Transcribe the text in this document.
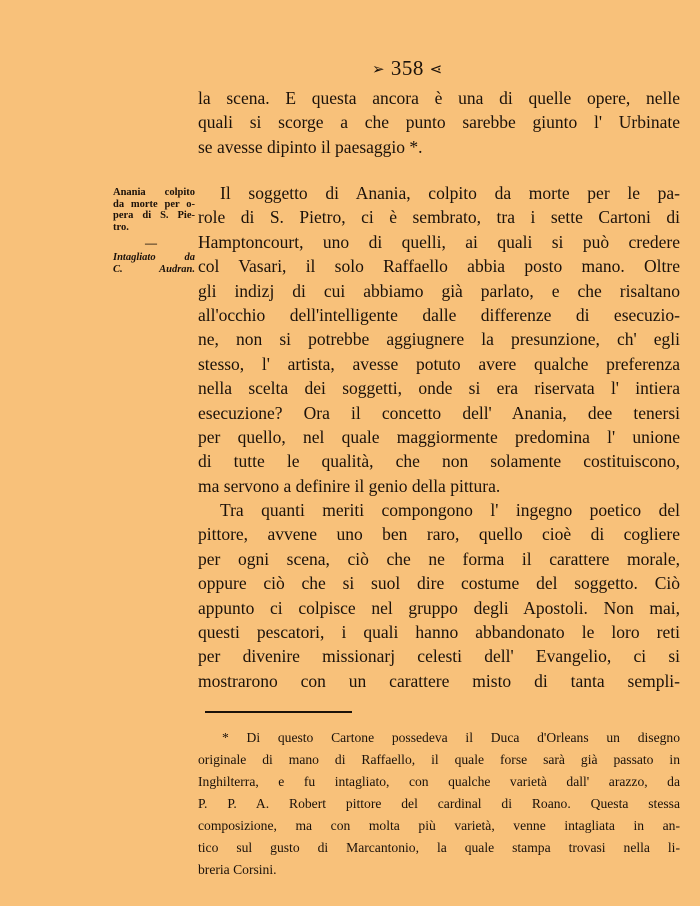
➢ 358 ⋖
la scena. E questa ancora è una di quelle opere, nelle
quali si scorge a che punto sarebbe giunto l' Urbinate
se avesse dipinto il paesaggio *.
Anania colpito
da morte per o-
pera di S. Pie-
tro.
—
Intagliato da
C. Audran.
Il soggetto di Anania, colpito da morte per le pa-
role di S. Pietro, ci è sembrato, tra i sette Cartoni di
Hamptoncourt, uno di quelli, ai quali si può credere
col Vasari, il solo Raffaello abbia posto mano. Oltre
gli indizj di cui abbiamo già parlato, e che risaltano
all'occhio dell'intelligente dalle differenze di esecuzio-
ne, non si potrebbe aggiugnere la presunzione, ch' egli
stesso, l' artista, avesse potuto avere qualche preferenza
nella scelta dei soggetti, onde si era riservata l' intiera
esecuzione? Ora il concetto dell' Anania, dee tenersi
per quello, nel quale maggiormente predomina l' unione
di tutte le qualità, che non solamente costituiscono,
ma servono a definire il genio della pittura.
Tra quanti meriti compongono l' ingegno poetico del
pittore, avvene uno ben raro, quello cioè di cogliere
per ogni scena, ciò che ne forma il carattere morale,
oppure ciò che si suol dire costume del soggetto. Ciò
appunto ci colpisce nel gruppo degli Apostoli. Non mai,
questi pescatori, i quali hanno abbandonato le loro reti
per divenire missionarj celesti dell' Evangelio, ci si
mostrarono con un carattere misto di tanta sempli-
* Di questo Cartone possedeva il Duca d'Orleans un disegno
originale di mano di Raffaello, il quale forse sarà già passato in
Inghilterra, e fu intagliato, con qualche varietà dall' arazzo, da
P. P. A. Robert pittore del cardinal di Roano. Questa stessa
composizione, ma con molta più varietà, venne intagliata in an-
tico sul gusto di Marcantonio, la quale stampa trovasi nella li-
breria Corsini.
